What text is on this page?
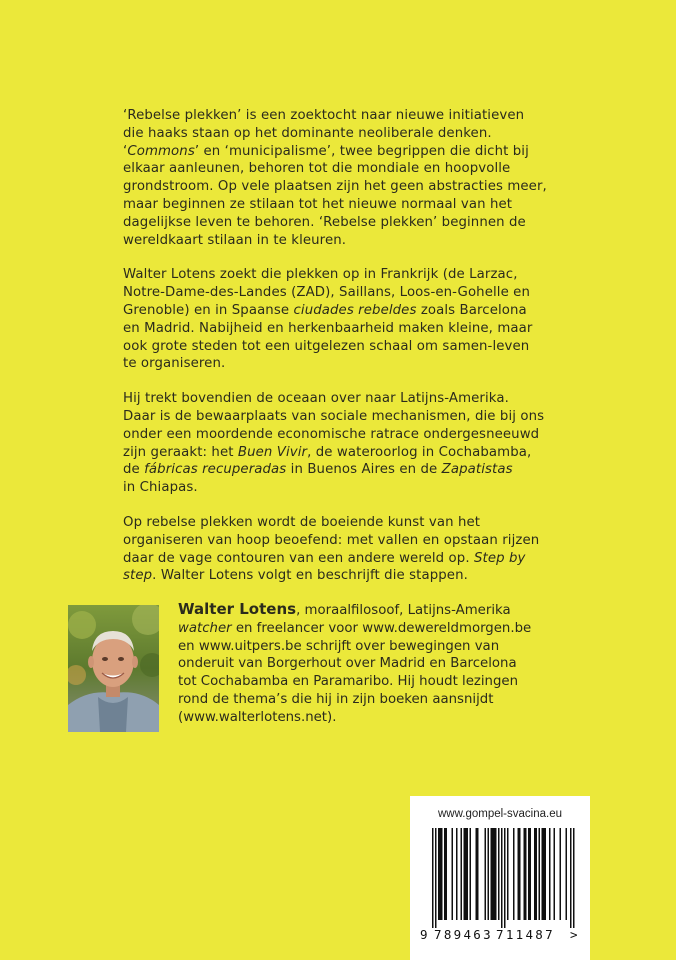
‘Rebelse plekken’ is een zoektocht naar nieuwe initiatieven
die haaks staan op het dominante neoliberale denken.
‘Commons’ en ‘municipalisme’, twee begrippen die dicht bij
elkaar aanleunen, behoren tot die mondiale en hoopvolle
grondstroom. Op vele plaatsen zijn het geen abstracties meer,
maar beginnen ze stilaan tot het nieuwe normaal van het
dagelijkse leven te behoren. ‘Rebelse plekken’ beginnen de
wereldkaart stilaan in te kleuren.

Walter Lotens zoekt die plekken op in Frankrijk (de Larzac,
Notre-Dame-des-Landes (ZAD), Saillans, Loos-en-Gohelle en
Grenoble) en in Spaanse ciudades rebeldes zoals Barcelona
en Madrid. Nabijheid en herkenbaarheid maken kleine, maar
ook grote steden tot een uitgelezen schaal om samen-leven
te organiseren.

Hij trekt bovendien de oceaan over naar Latijns-Amerika.
Daar is de bewaarplaats van sociale mechanismen, die bij ons
onder een moordende economische ratrace ondergesneeuwd
zijn geraakt: het Buen Vivir, de wateroorlog in Cochabamba,
de fábricas recuperadas in Buenos Aires en de Zapatistas
in Chiapas.

Op rebelse plekken wordt de boeiende kunst van het
organiseren van hoop beoefend: met vallen en opstaan rijzen
daar de vage contouren van een andere wereld op. Step by
step. Walter Lotens volgt en beschrijft die stappen.

Walter Lotens, moraalfilosoof, Latijns-Amerika
watcher en freelancer voor www.dewereldmorgen.be
en www.uitpers.be schrijft over bewegingen van
onderuit van Borgerhout over Madrid en Barcelona
tot Cochabamba en Paramaribo. Hij houdt lezingen
rond de thema’s die hij in zijn boeken aansnijdt
(www.walterlotens.net).
www.gompel-svacina.eu
9 789463 711487 >
